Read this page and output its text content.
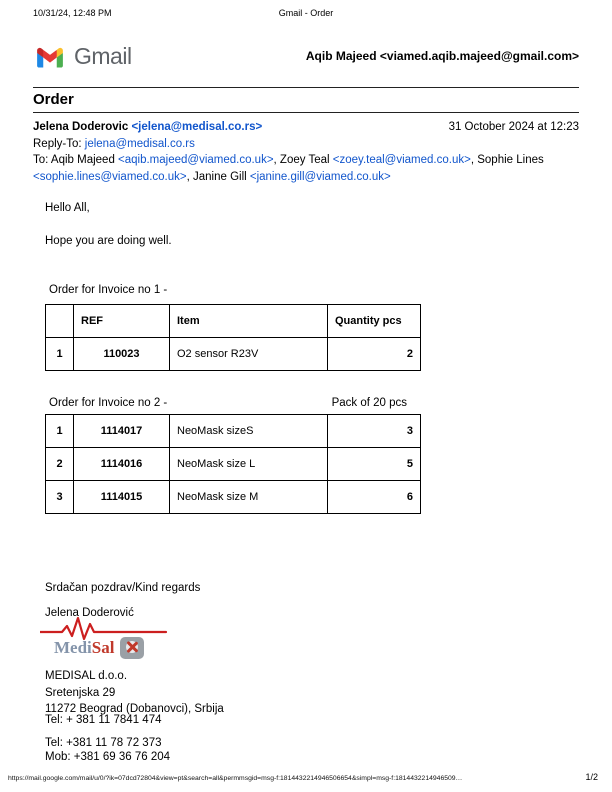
10/31/24, 12:48 PM	Gmail - Order
Gmail	Aqib Majeed <viamed.aqib.majeed@gmail.com>
Order
Jelena Doderovic <jelena@medisal.co.rs>	31 October 2024 at 12:23
Reply-To: jelena@medisal.co.rs
To: Aqib Majeed <aqib.majeed@viamed.co.uk>, Zoey Teal <zoey.teal@viamed.co.uk>, Sophie Lines <sophie.lines@viamed.co.uk>, Janine Gill <janine.gill@viamed.co.uk>

Hello All,

Hope you are doing well.

Order for Invoice no 1 -
	REF	Item	Quantity pcs
1	110023	O2 sensor R23V	2
Order for Invoice no 2 -	Pack of 20 pcs
1	1114017	NeoMask sizeS	3
2	1114016	NeoMask size L	5
3	1114015	NeoMask size M	6

Srdačan pozdrav/Kind regards

Jelena Doderović

MediSal
MEDISAL d.o.o.
Sretenjska 29
11272 Beograd (Dobanovci), Srbija
Tel: + 381 11 7841 474
Tel: +381 11 78 72 373
Mob: +381 69 36 76 204
https://mail.google.com/mail/u/0/?ik=07dcd72804&view=pt&search=all&permmsgid=msg-f:1814432214946506654&simpl=msg-f:1814432214946509…	1/2
